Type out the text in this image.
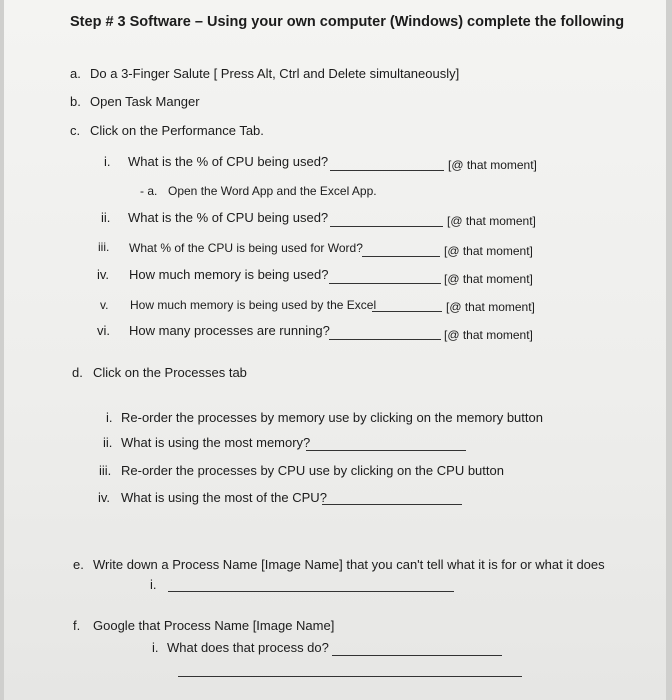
Step # 3 Software – Using your own computer (Windows) complete the following
a. Do a 3-Finger Salute [ Press Alt, Ctrl and Delete simultaneously]
b. Open Task Manger
c. Click on the Performance Tab.
i. What is the % of CPU being used?	[@ that moment]
- a. Open the Word App and the Excel App.
ii. What is the % of CPU being used?	[@ that moment]
iii. What % of the CPU is being used for Word?	[@ that moment]
iv. How much memory is being used?	[@ that moment]
v. How much memory is being used by the Excel	[@ that moment]
vi. How many processes are running?	[@ that moment]
d. Click on the Processes tab
i. Re-order the processes by memory use by clicking on the memory button
ii. What is using the most memory?
iii. Re-order the processes by CPU use by clicking on the CPU button
iv. What is using the most of the CPU?
e. Write down a Process Name [Image Name] that you can't tell what it is for or what it does
i.
f. Google that Process Name [Image Name]
i. What does that process do?
